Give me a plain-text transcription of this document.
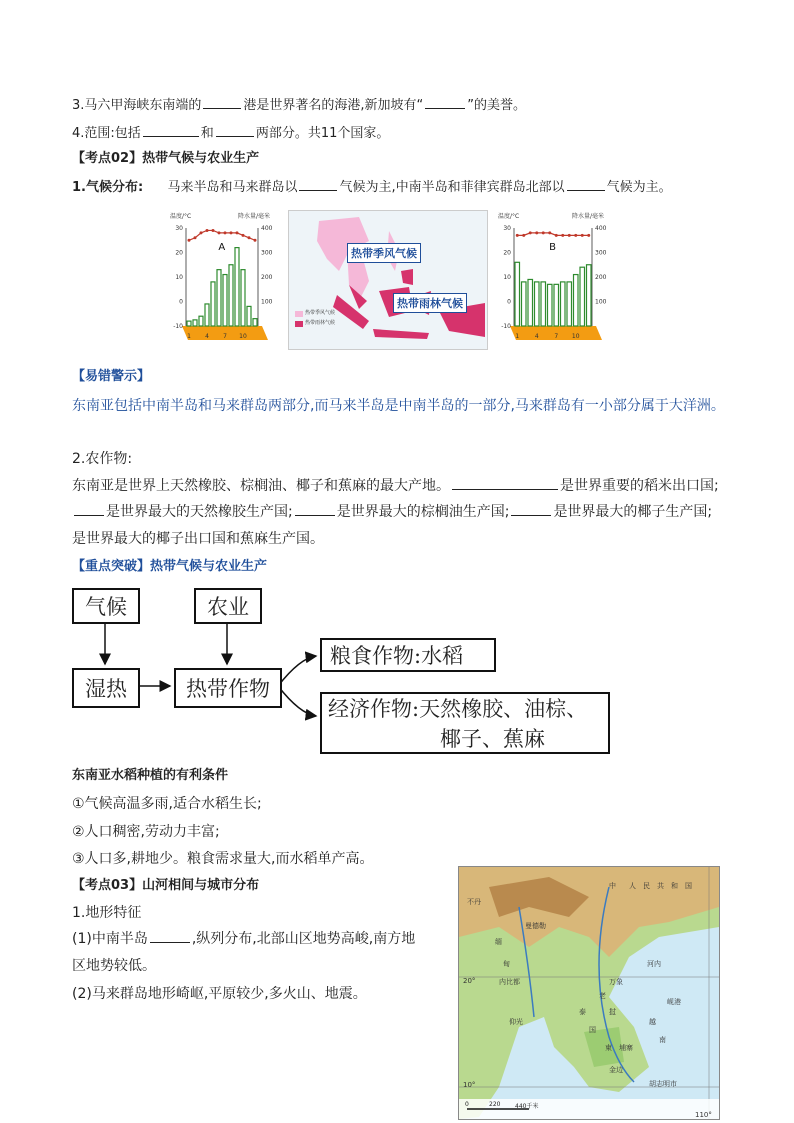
3.马六甲海峡东南端的	港是世界著名的海港,新加坡有“	”的美誉。
4.范围:包括	和	两部分。共11个国家。
【考点02】热带气候与农业生产
1.气候分布: 马来半岛和马来群岛以	气候为主,中南半岛和菲律宾群岛北部以	气候为主。
-10
0
10
20
30
100
200
300
400
温度/°C	降水量/毫米
1 4 7 10
A
热带季风气候
热带雨林气候
热带季风气候
热带雨林气候
-10
0
10
20
30
100
200
300
400
温度/°C	降水量/毫米
1	4	7 10
B
【易错警示】
东南亚包括中南半岛和马来群岛两部分,而马来半岛是中南半岛的一部分,马来群岛有一小部分属于大洋洲。
2.农作物:
东南亚是世界上天然橡胶、棕榈油、椰子和蕉麻的最大产地。	是世界重要的稻米出口国;
是世界最大的天然橡胶生产国;	是世界最大的棕榈油生产国;	是世界最大的椰子生产国;
是世界最大的椰子出口国和蕉麻生产国。
【重点突破】热带气候与农业生产
气候	农业
湿热	热带作物
粮食作物:水稻
经济作物:天然橡胶、油棕、
椰子、蕉麻
东南亚水稻种植的有利条件
①气候高温多雨,适合水稻生长;
②人口稠密,劳动力丰富;
③人口多,耕地少。粮食需求量大,而水稻单产高。
【考点03】山河相间与城市分布
1.地形特征
(1)中南半岛	,纵列分布,北部山区地势高峻,南方地
区地势较低。
(2)马来群岛地形崎岖,平原较少,多火山、地震。
中 人 民 共 和 国
不丹
缅
甸
内比都
曼德勒
河内
仰光
万象
泰
国
老
挝
柬 埔寨
金边
胡志明市
越
南
岘港
20°
10°
110°
0	220 440千米
